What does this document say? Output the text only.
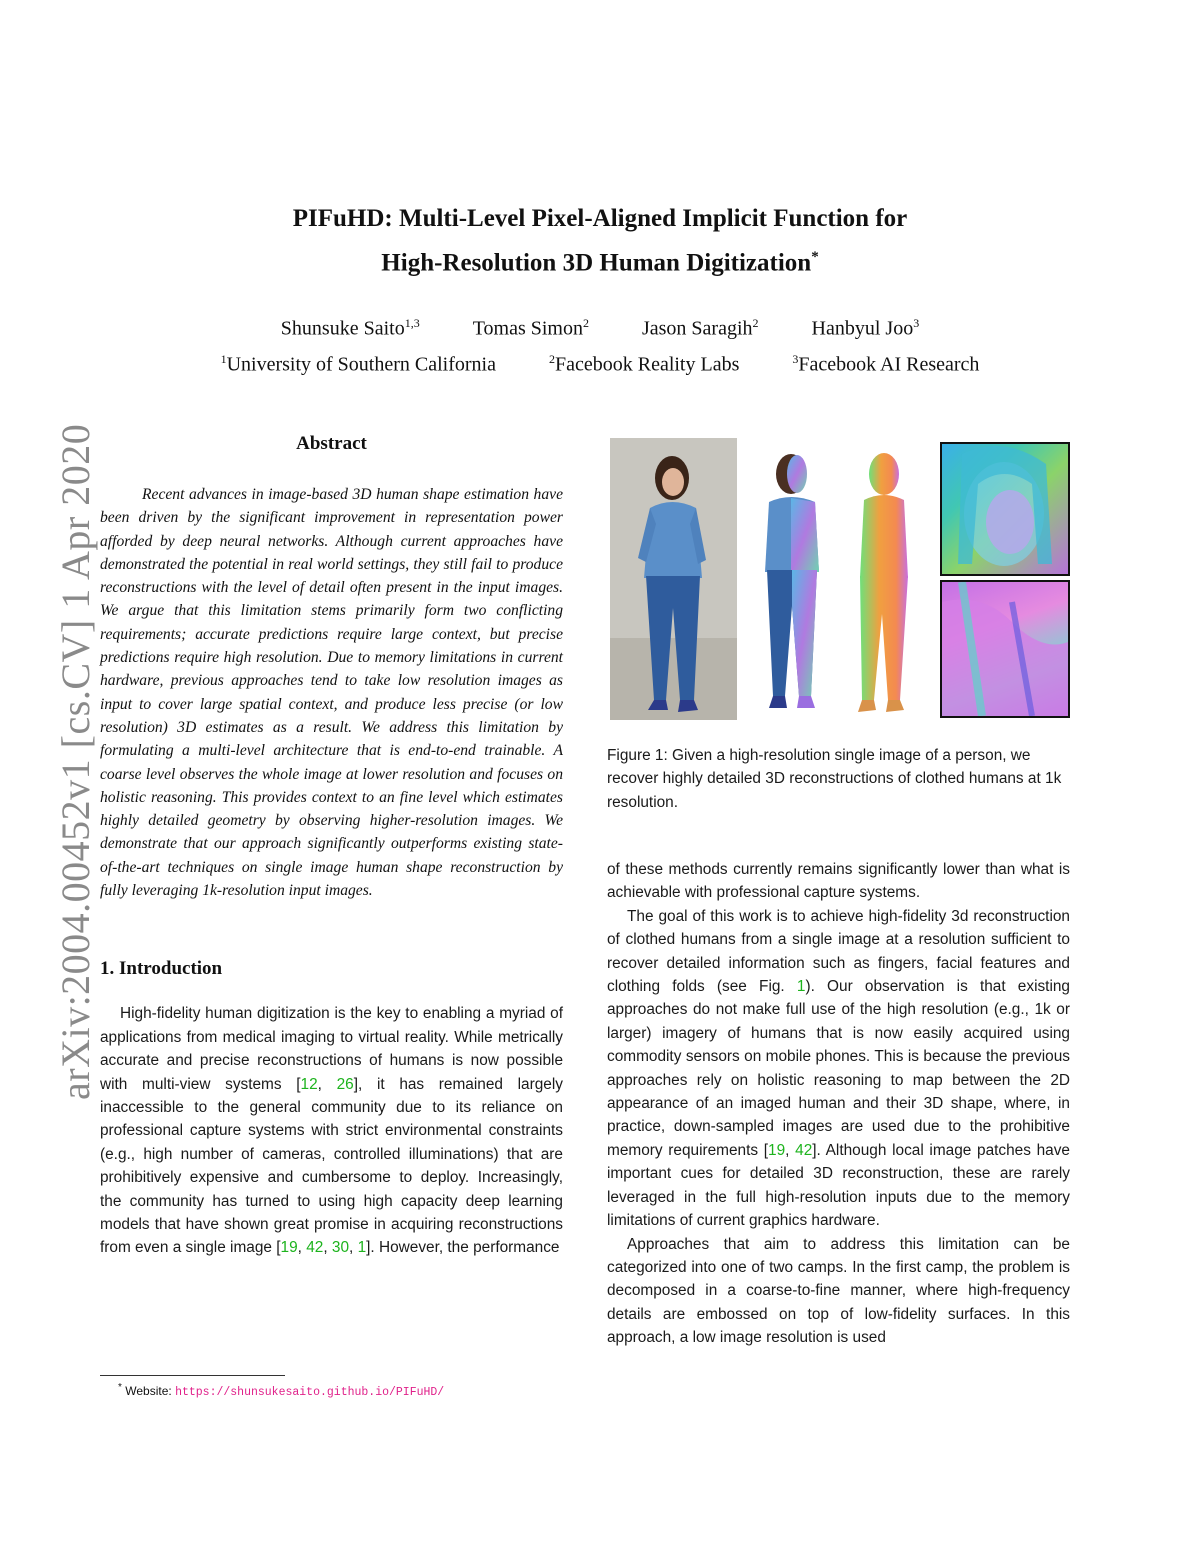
arXiv:2004.00452v1 [cs.CV] 1 Apr 2020
PIFuHD: Multi-Level Pixel-Aligned Implicit Function for
High-Resolution 3D Human Digitization*
Shunsuke Saito$^{1,3}$	Tomas Simon$^2$	Jason Saragih$^2$	Hanbyul Joo$^3$
$^1$University of Southern California	$^2$Facebook Reality Labs	$^3$Facebook AI Research
Abstract

Recent advances in image-based 3D human shape estimation have been driven by the significant improvement in representation power afforded by deep neural networks. Although current approaches have demonstrated the potential in real world settings, they still fail to produce reconstructions with the level of detail often present in the input images. We argue that this limitation stems primarily form two conflicting requirements; accurate predictions require large context, but precise predictions require high resolution. Due to memory limitations in current hardware, previous approaches tend to take low resolution images as input to cover large spatial context, and produce less precise (or low resolution) 3D estimates as a result. We address this limitation by formulating a multi-level architecture that is end-to-end trainable. A coarse level observes the whole image at lower resolution and focuses on holistic reasoning. This provides context to an fine level which estimates highly detailed geometry by observing higher-resolution images. We demonstrate that our approach significantly outperforms existing state-of-the-art techniques on single image human shape reconstruction by fully leveraging 1k-resolution input images.

1. Introduction

High-fidelity human digitization is the key to enabling a myriad of applications from medical imaging to virtual reality. While metrically accurate and precise reconstructions of humans is now possible with multi-view systems [12, 26], it has remained largely inaccessible to the general community due to its reliance on professional capture systems with strict environmental constraints (e.g., high number of cameras, controlled illuminations) that are prohibitively expensive and cumbersome to deploy. Increasingly, the community has turned to using high capacity deep learning models that have shown great promise in acquiring reconstructions from even a single image [19, 42, 30, 1]. However, the performance

* Website: https://shunsukesaito.github.io/PIFuHD/

Figure 1: Given a high-resolution single image of a person, we recover highly detailed 3D reconstructions of clothed humans at 1k resolution.

of these methods currently remains significantly lower than what is achievable with professional capture systems.

The goal of this work is to achieve high-fidelity 3d reconstruction of clothed humans from a single image at a resolution sufficient to recover detailed information such as fingers, facial features and clothing folds (see Fig. 1). Our observation is that existing approaches do not make full use of the high resolution (e.g., 1k or larger) imagery of humans that is now easily acquired using commodity sensors on mobile phones. This is because the previous approaches rely on holistic reasoning to map between the 2D appearance of an imaged human and their 3D shape, where, in practice, down-sampled images are used due to the prohibitive memory requirements [19, 42]. Although local image patches have important cues for detailed 3D reconstruction, these are rarely leveraged in the full high-resolution inputs due to the memory limitations of current graphics hardware.

Approaches that aim to address this limitation can be categorized into one of two camps. In the first camp, the problem is decomposed in a coarse-to-fine manner, where high-frequency details are embossed on top of low-fidelity surfaces. In this approach, a low image resolution is used
